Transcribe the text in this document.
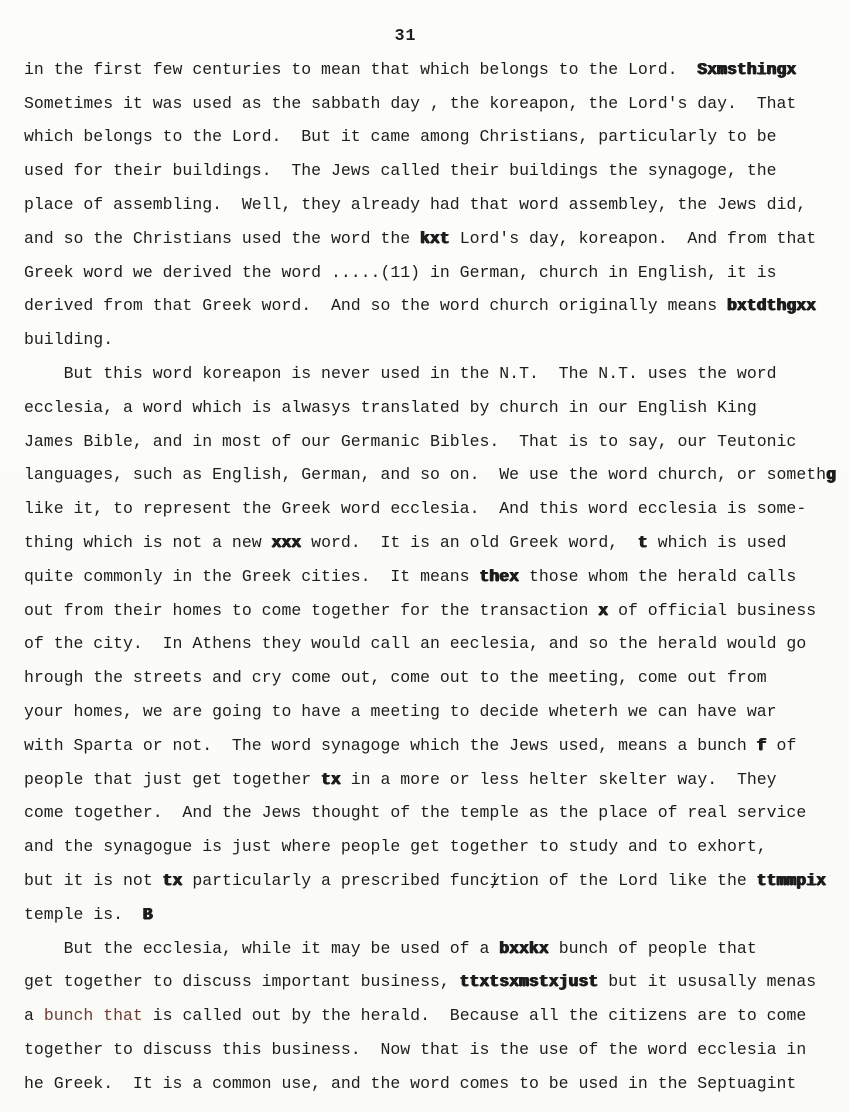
31
in the first few centuries to mean that which belongs to the Lord.  Sxmsthingx
Sometimes it was used as the sabbath day , the koreapon, the Lord's day.  That
which belongs to the Lord.  But it came among Christians, particularly to be
used for their buildings.  The Jews called their buildings the synagoge, the
place of assembling.  Well, they already had that word assembley, the Jews did,
and so the Christians used the word the kxt Lord's day, koreapon.  And from that
Greek word we derived the word .....(11) in German, church in English, it is
derived from that Greek word.  And so the word church originally means bxtdthgxx
building.
But this word koreapon is never used in the N.T.  The N.T. uses the word
ecclesia, a word which is alwasys translated by church in our English King
James Bible, and in most of our Germanic Bibles.  That is to say, our Teutonic
languages, such as English, German, and so on.  We use the word church, or somethg
like it, to represent the Greek word ecclesia.  And this word ecclesia is some-
thing which is not a new xxx word.  It is an old Greek word,  t which is used
quite commonly in the Greek cities.  It means thex those whom the herald calls
out from their homes to come together for the transaction x of official business
of the city.  In Athens they would call an eeclesia, and so the herald would go
hrough the streets and cry come out, come out to the meeting, come out from
your homes, we are going to have a meeting to decide wheterh we can have war
with Sparta or not.  The word synagoge which the Jews used, means a bunch f of
people that just get together tx in a more or less helter skelter way.  They
come together.  And the Jews thought of the temple as the place of real service
and the synagogue is just where people get together to study and to exhort,
but it is not tx particularly a prescribed funci /tion of the Lord like the ttmmpix
temple is.  B
But the ecclesia, while it may be used of a bxxkx bunch of people that
get together to discuss important business, ttxtsxmstxjust but it ususally menas
a bunch that is called out by the herald.  Because all the citizens are to come
together to discuss this business.  Now that is the use of the word ecclesia in
he Greek.  It is a common use, and the word comes to be used in the Septuagint
